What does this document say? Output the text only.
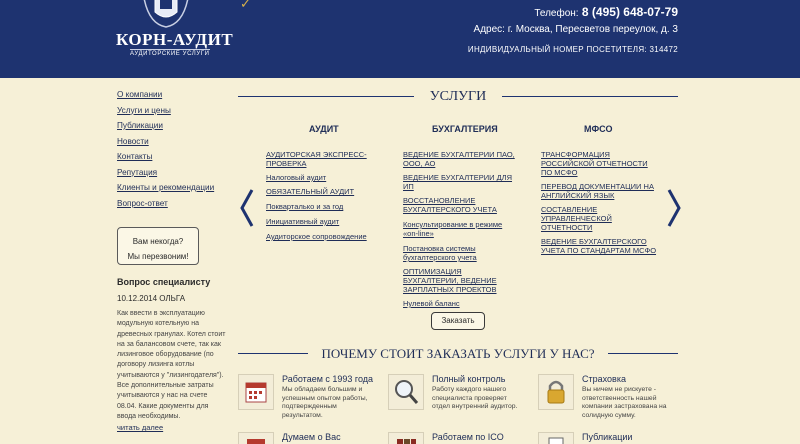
КОРН-АУДИТ
АУДИТОРСКИЕ УСЛУГИ
✓
Телефон: 8 (495) 648-07-79
Адрес: г. Москва, Пересветов переулок, д. 3
ИНДИВИДУАЛЬНЫЙ НОМЕР ПОСЕТИТЕЛЯ: 314472
О компании
Услуги и цены
Публикации
Новости
Контакты
Репутация
Клиенты и рекомендации
Вопрос-ответ
Вам некогда?
Мы перезвоним!
Вопрос специалисту
10.12.2014 ОЛЬГА
Как ввести в эксплуатацию модульную котельную на древесных гранулах. Котел стоит на за балансовом счете, так как лизинговое оборудование (по договору лизинга котлы учитываются у "лизингодателя"). Все дополнительные затраты учитываются у нас на счете 08.04. Какие документы для ввода необходимы.
читать далее
УСЛУГИ
АУДИТ
АУДИТОРСКАЯ ЭКСПРЕСС-ПРОВЕРКА
Налоговый аудит
ОБЯЗАТЕЛЬНЫЙ АУДИТ
Покварталько и за год
Инициативный аудит
Аудиторское сопровождение
БУХГАЛТЕРИЯ
ВЕДЕНИЕ БУХГАЛТЕРИИ ПАО, ООО, АО
ВЕДЕНИЕ БУХГАЛТЕРИИ ДЛЯ ИП
ВОССТАНОВЛЕНИЕ БУХГАЛТЕРСКОГО УЧЕТА
Консультирование в режиме «on-line»
Постановка системы бухгалтерского учета
ОПТИМИЗАЦИЯ БУХГАЛТЕРИИ, ВЕДЕНИЕ ЗАРПЛАТНЫХ ПРОЕКТОВ
Нулевой баланс
МФСО
ТРАНСФОРМАЦИЯ РОССИЙСКОЙ ОТЧЕТНОСТИ ПО МСФО
ПЕРЕВОД ДОКУМЕНТАЦИИ НА АНГЛИЙСКИЙ ЯЗЫК
СОСТАВЛЕНИЕ УПРАВЛЕНЧЕСКОЙ ОТЧЕТНОСТИ
ВЕДЕНИЕ БУХГАЛТЕРСКОГО УЧЕТА ПО СТАНДАРТАМ МСФО
Заказать
ПОЧЕМУ СТОИТ ЗАКАЗАТЬ УСЛУГИ У НАС?
Работаем с 1993 года
Мы обладаем большим и успешным опытом работы, подтвержденным результатом.
Полный контроль
Работу каждого нашего специалиста проверяет отдел внутренний аудитор.
Страховка
Вы ничем не рискуете - ответственность нашей компании застрахована на солидную сумму.
Думаем о Вас	Работаем по ICO	Публикации
